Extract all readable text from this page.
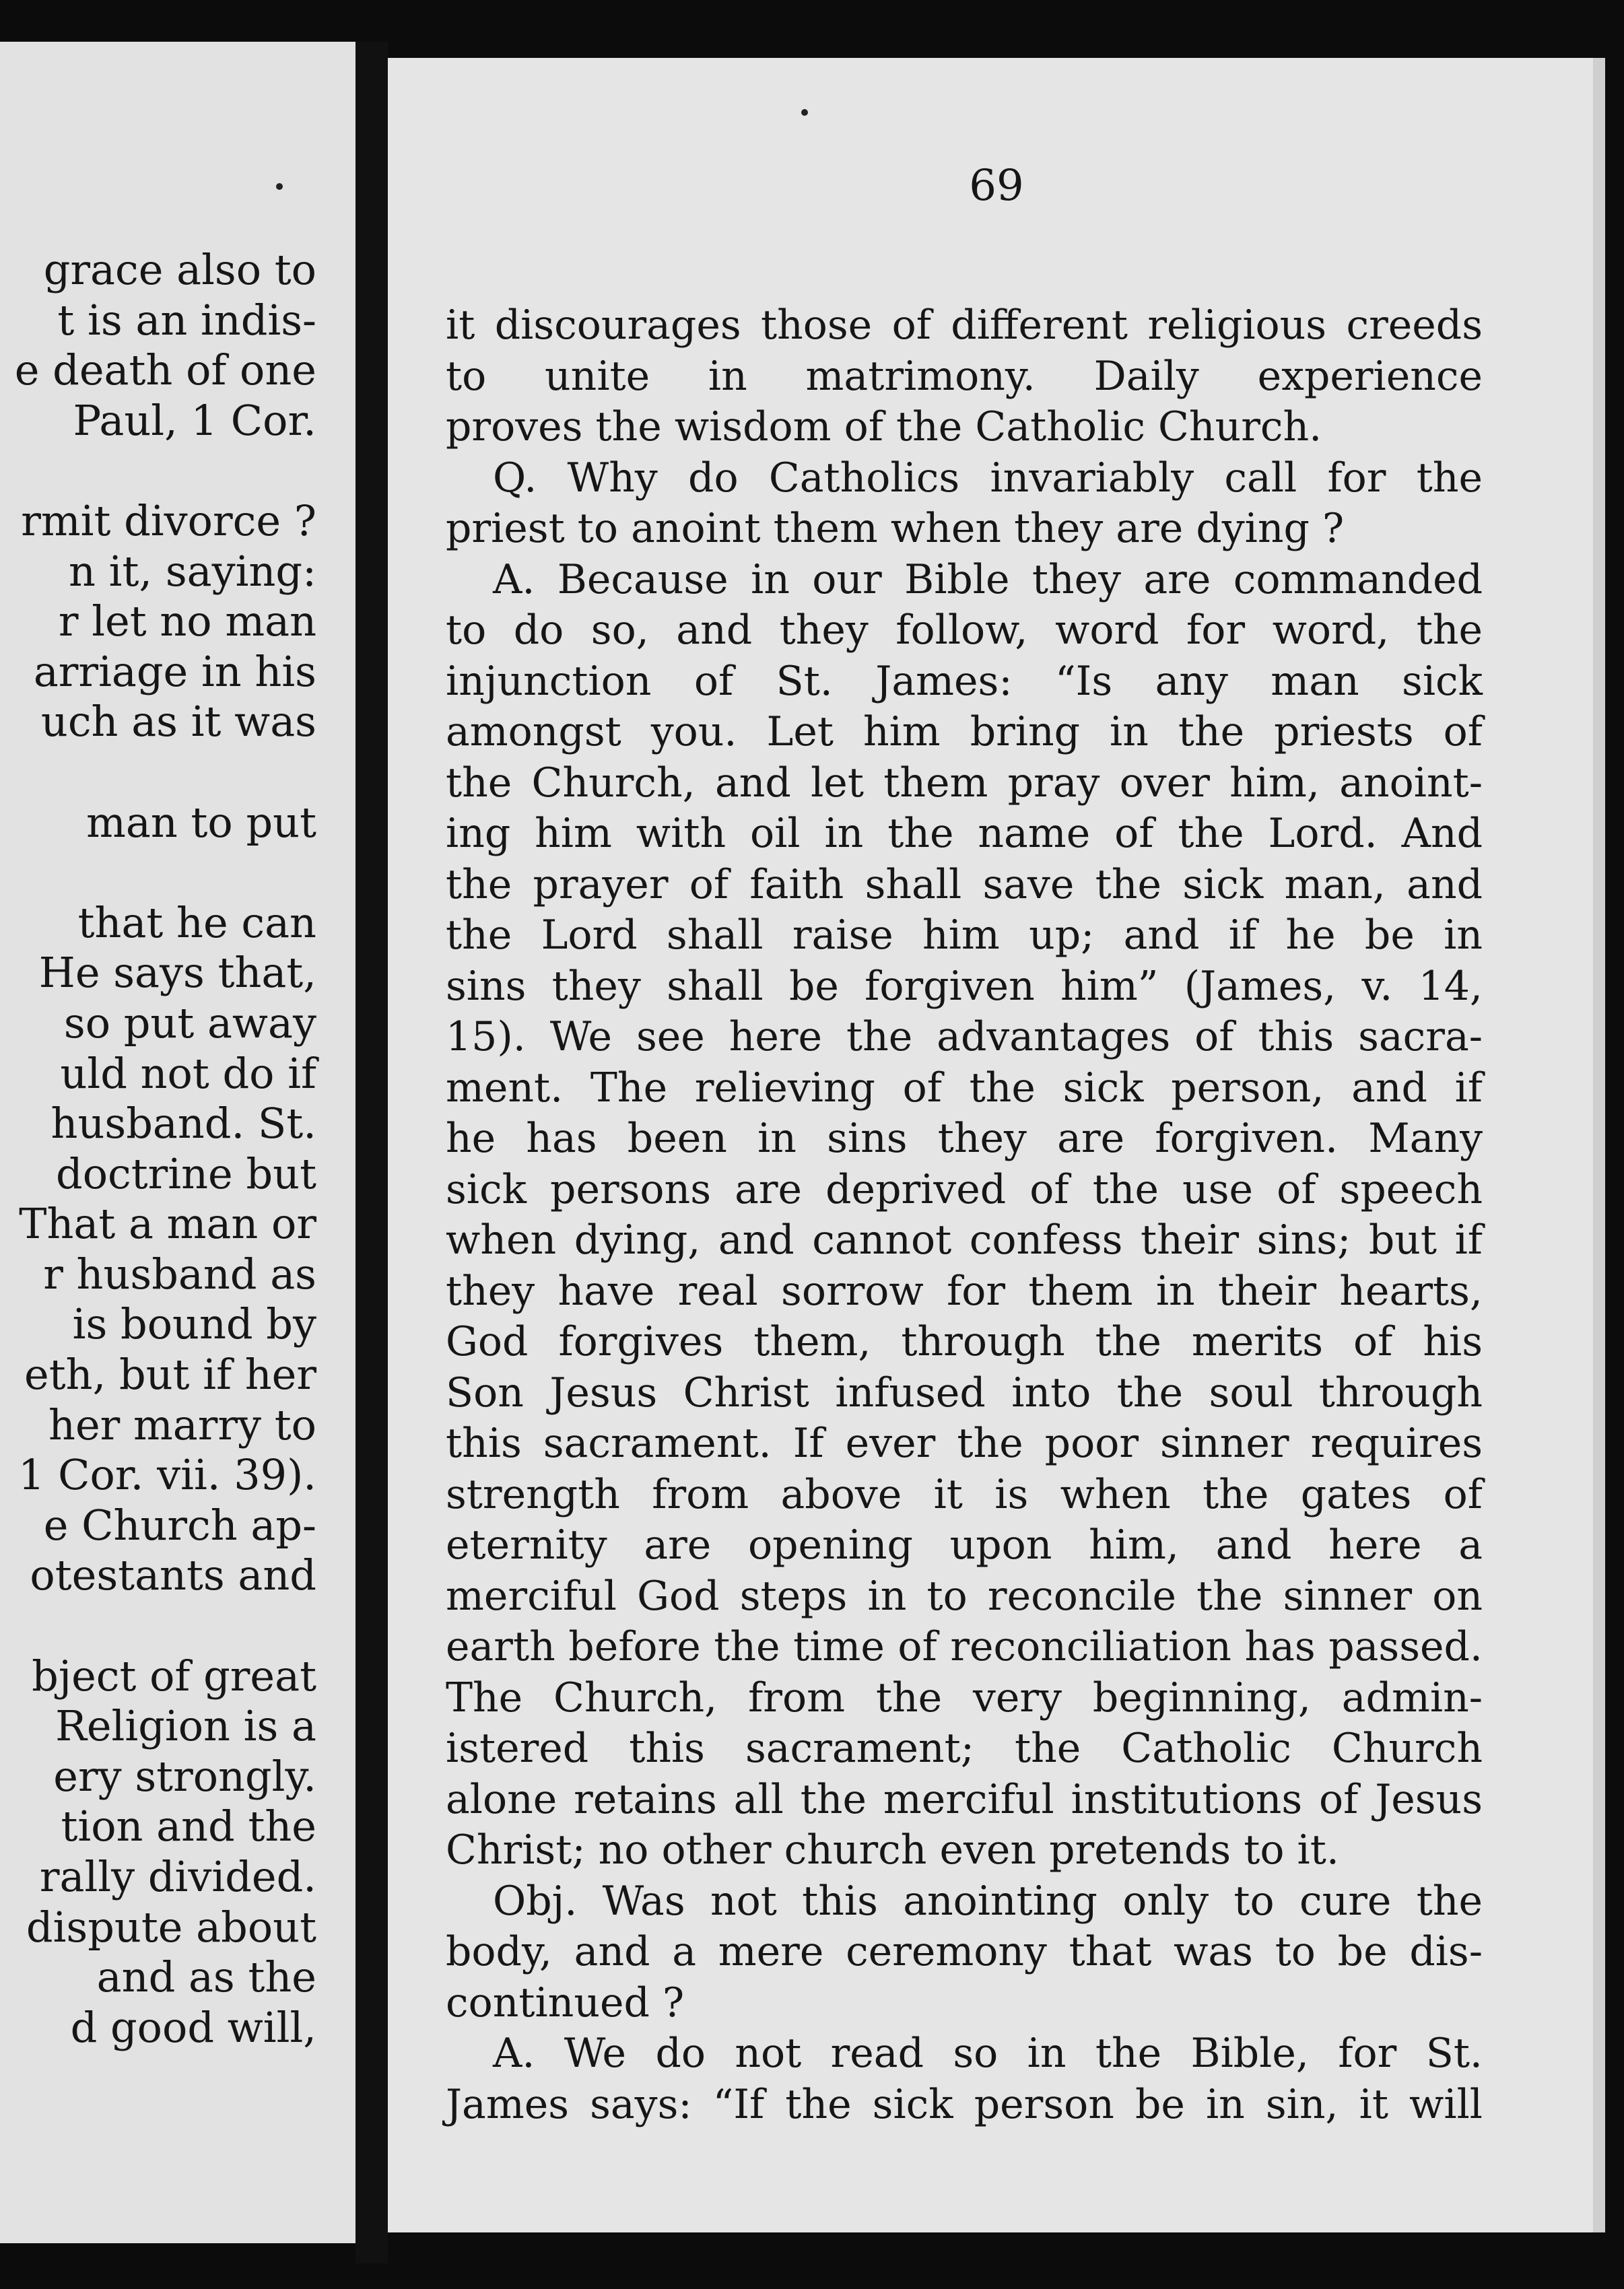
grace also to
t is an indis-
e death of one
Paul, 1 Cor.
rmit divorce ?
n it, saying:
r let no man
arriage in his
uch as it was
man to put
that he can
He says that,
so put away
uld not do if
husband. St.
doctrine but
That a man or
r husband as
is bound by
eth, but if her
her marry to
1 Cor. vii. 39).
e Church ap-
otestants and
bject of great
Religion is a
ery strongly.
tion and the
rally divided.
dispute about
and as the
d good will,
69
it discourages those of different religious creeds
to unite in matrimony. Daily experience
proves the wisdom of the Catholic Church.
Q. Why do Catholics invariably call for the
priest to anoint them when they are dying ?
A. Because in our Bible they are commanded
to do so, and they follow, word for word, the
injunction of St. James: “Is any man sick
amongst you. Let him bring in the priests of
the Church, and let them pray over him, anoint-
ing him with oil in the name of the Lord. And
the prayer of faith shall save the sick man, and
the Lord shall raise him up; and if he be in
sins they shall be forgiven him” (James, v. 14,
15). We see here the advantages of this sacra-
ment. The relieving of the sick person, and if
he has been in sins they are forgiven. Many
sick persons are deprived of the use of speech
when dying, and cannot confess their sins; but if
they have real sorrow for them in their hearts,
God forgives them, through the merits of his
Son Jesus Christ infused into the soul through
this sacrament. If ever the poor sinner requires
strength from above it is when the gates of
eternity are opening upon him, and here a
merciful God steps in to reconcile the sinner on
earth before the time of reconciliation has passed.
The Church, from the very beginning, admin-
istered this sacrament; the Catholic Church
alone retains all the merciful institutions of Jesus
Christ; no other church even pretends to it.
Obj. Was not this anointing only to cure the
body, and a mere ceremony that was to be dis-
continued ?
A. We do not read so in the Bible, for St.
James says: “If the sick person be in sin, it will
